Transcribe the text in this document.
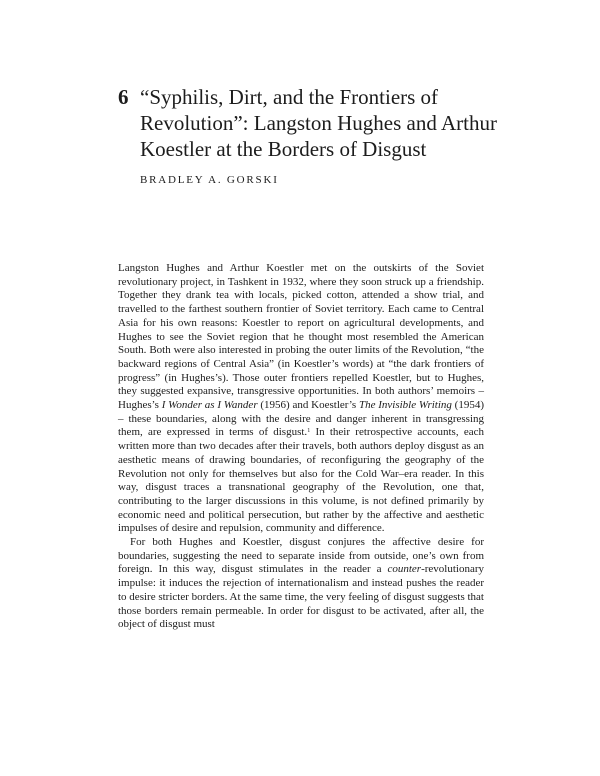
6 “Syphilis, Dirt, and the Frontiers of Revolution”: Langston Hughes and Arthur Koestler at the Borders of Disgust
BRADLEY A. GORSKI

Langston Hughes and Arthur Koestler met on the outskirts of the Soviet revolutionary project, in Tashkent in 1932, where they soon struck up a friendship. Together they drank tea with locals, picked cotton, attended a show trial, and travelled to the farthest southern frontier of Soviet territory. Each came to Central Asia for his own reasons: Koestler to report on agricultural developments, and Hughes to see the Soviet region that he thought most resembled the American South. Both were also interested in probing the outer limits of the Revolution, “the backward regions of Central Asia” (in Koestler’s words) at “the dark frontiers of progress” (in Hughes’s). Those outer frontiers repelled Koestler, but to Hughes, they suggested expansive, transgressive opportunities. In both authors’ memoirs – Hughes’s I Wonder as I Wander (1956) and Koestler’s The Invisible Writing (1954) – these boundaries, along with the desire and danger inherent in transgressing them, are expressed in terms of disgust.$^1$ In their retrospective accounts, each written more than two decades after their travels, both authors deploy disgust as an aesthetic means of drawing boundaries, of reconfiguring the geography of the Revolution not only for themselves but also for the Cold War–era reader. In this way, disgust traces a transnational geography of the Revolution, one that, contributing to the larger discussions in this volume, is not defined primarily by economic need and political persecution, but rather by the affective and aesthetic impulses of desire and repulsion, community and difference.

For both Hughes and Koestler, disgust conjures the affective desire for boundaries, suggesting the need to separate inside from outside, one’s own from foreign. In this way, disgust stimulates in the reader a counter-revolutionary impulse: it induces the rejection of internationalism and instead pushes the reader to desire stricter borders. At the same time, the very feeling of disgust suggests that those borders remain permeable. In order for disgust to be activated, after all, the object of disgust must
